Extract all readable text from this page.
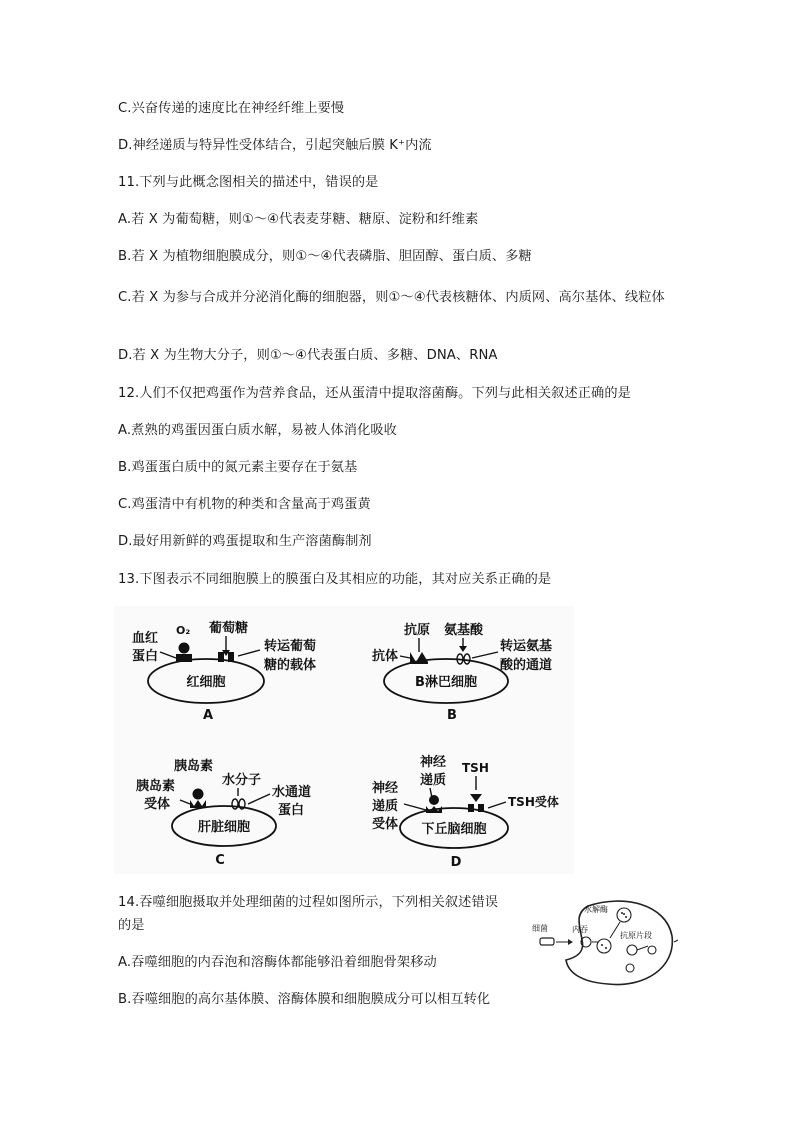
C.兴奋传递的速度比在神经纤维上要慢
D.神经递质与特异性受体结合，引起突触后膜 K⁺内流
11.下列与此概念图相关的描述中，错误的是
A.若 X 为葡萄糖，则①～④代表麦芽糖、糖原、淀粉和纤维素
B.若 X 为植物细胞膜成分，则①～④代表磷脂、胆固醇、蛋白质、多糖
C.若 X 为参与合成并分泌消化酶的细胞器，则①～④代表核糖体、内质网、高尔基体、线粒体
D.若 X 为生物大分子，则①～④代表蛋白质、多糖、DNA、RNA
12.人们不仅把鸡蛋作为营养食品，还从蛋清中提取溶菌酶。下列与此相关叙述正确的是
A.煮熟的鸡蛋因蛋白质水解，易被人体消化吸收
B.鸡蛋蛋白质中的氮元素主要存在于氨基
C.鸡蛋清中有机物的种类和含量高于鸡蛋黄
D.最好用新鲜的鸡蛋提取和生产溶菌酶制剂
13.下图表示不同细胞膜上的膜蛋白及其相应的功能，其对应关系正确的是
红细胞
血红
蛋白
O₂ 葡萄糖
转运葡萄
糖的载体
A
B淋巴细胞
抗原
抗体
氨基酸
转运氨基
酸的通道
B
肝脏细胞
胰岛素
胰岛素
受体
水分子
水通道
蛋白
C
下丘脑细胞
神经
递质
神经
递质
受体
TSH
TSH受体
D
14.吞噬细胞摄取并处理细菌的过程如图所示，下列相关叙述错误
的是
A.吞噬细胞的内吞泡和溶酶体都能够沿着细胞骨架移动
B.吞噬细胞的高尔基体膜、溶酶体膜和细胞膜成分可以相互转化
细菌	内吞
水解酶
抗原片段
